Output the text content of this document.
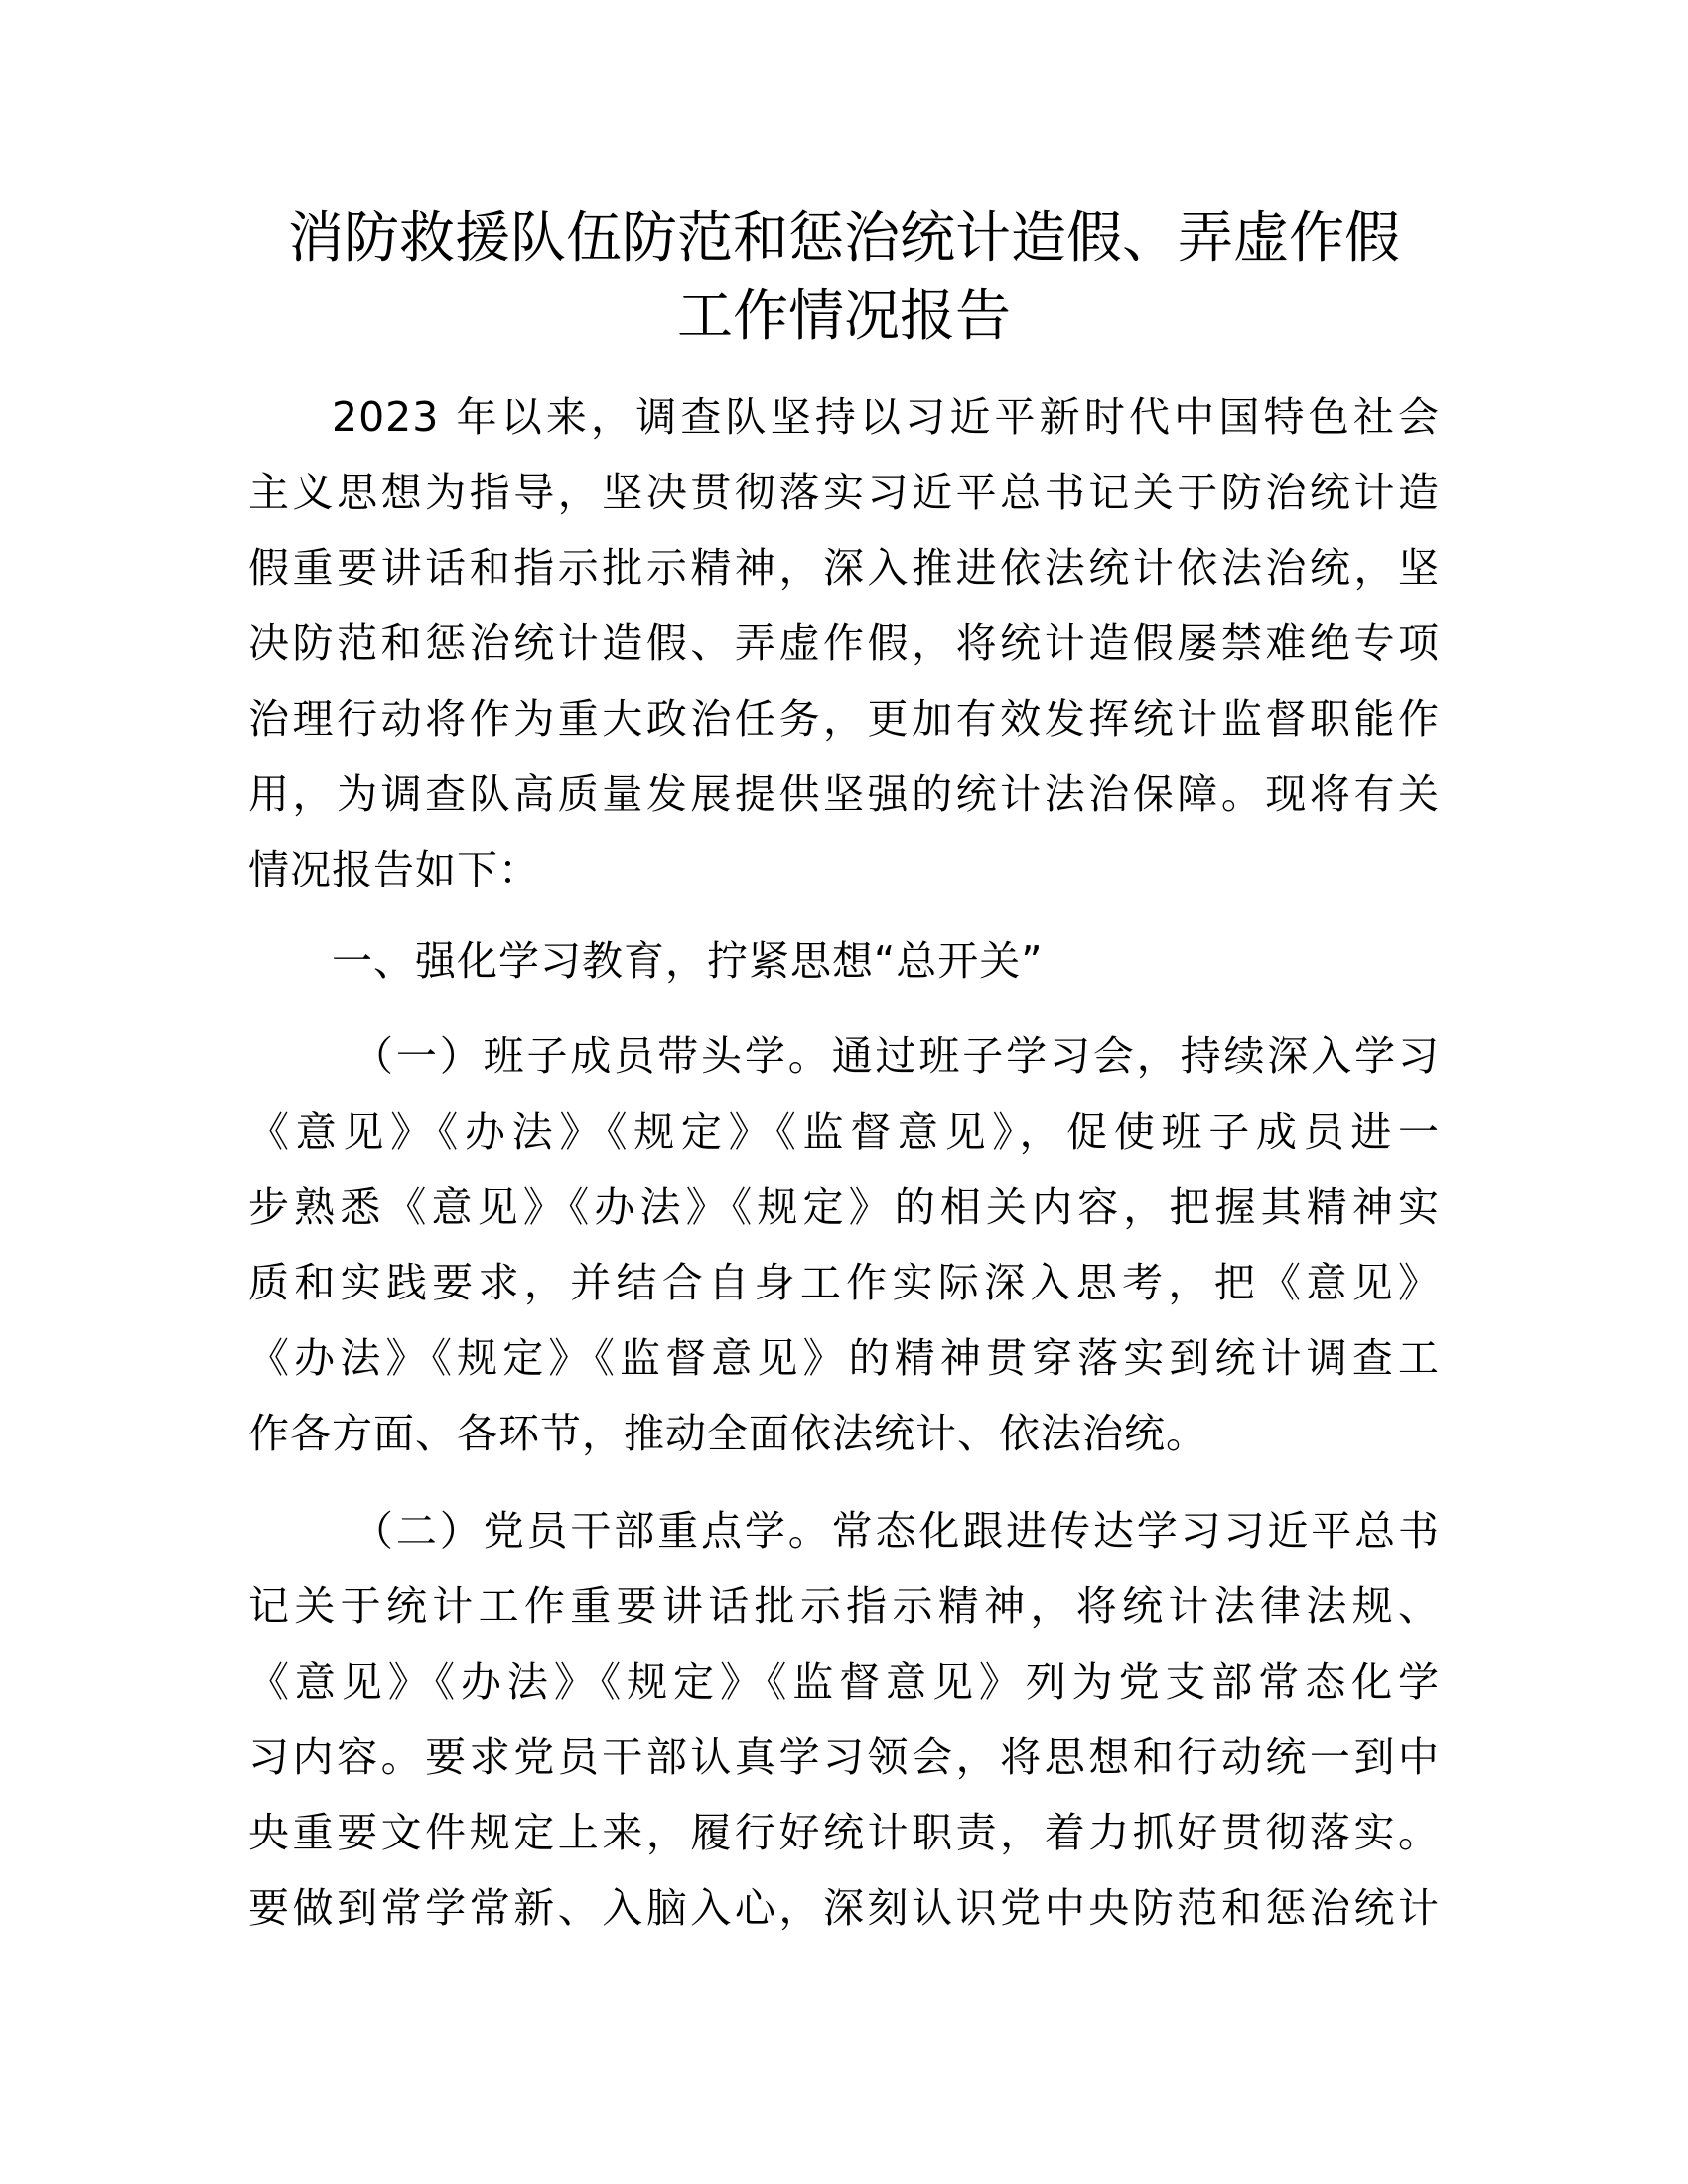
消防救援队伍防范和惩治统计造假、弄虚作假
工作情况报告
2023 年以来，调查队坚持以习近平新时代中国特色社会
主义思想为指导，坚决贯彻落实习近平总书记关于防治统计造
假重要讲话和指示批示精神，深入推进依法统计依法治统，坚
决防范和惩治统计造假、弄虚作假，将统计造假屡禁难绝专项
治理行动将作为重大政治任务，更加有效发挥统计监督职能作
用，为调查队高质量发展提供坚强的统计法治保障。现将有关
情况报告如下：
一、强化学习教育，拧紧思想“总开关”
（一）班子成员带头学。通过班子学习会，持续深入学习
《意见》《办法》《规定》《监督意见》，促使班子成员进一
步熟悉《意见》《办法》《规定》的相关内容，把握其精神实
质和实践要求，并结合自身工作实际深入思考，把《意见》
《办法》《规定》《监督意见》的精神贯穿落实到统计调查工
作各方面、各环节，推动全面依法统计、依法治统。
（二）党员干部重点学。常态化跟进传达学习习近平总书
记关于统计工作重要讲话批示指示精神，将统计法律法规、
《意见》《办法》《规定》《监督意见》列为党支部常态化学
习内容。要求党员干部认真学习领会，将思想和行动统一到中
央重要文件规定上来，履行好统计职责，着力抓好贯彻落实。
要做到常学常新、入脑入心，深刻认识党中央防范和惩治统计
